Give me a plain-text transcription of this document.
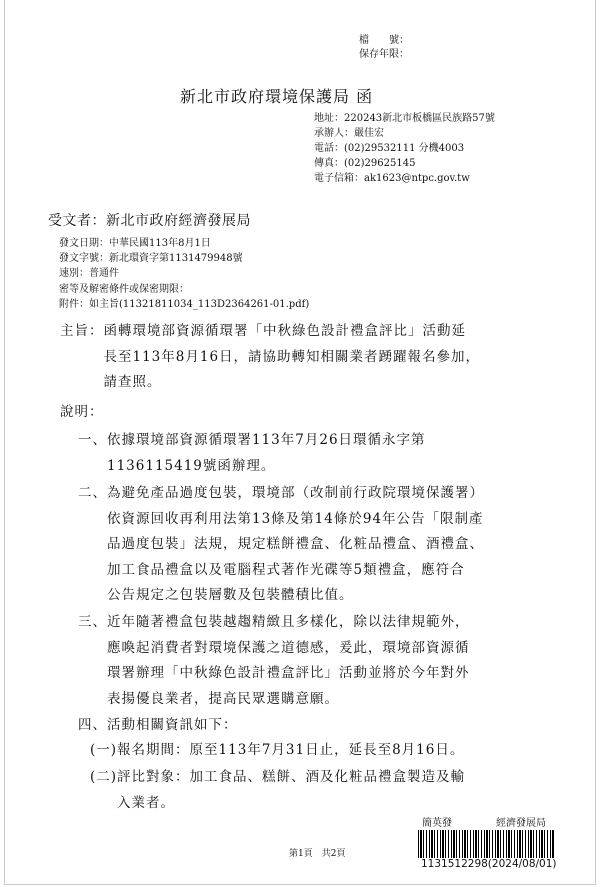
檔　　號：
保存年限：
新北市政府環境保護局 函
地址：220243新北市板橋區民族路57號
承辦人：嚴佳宏
電話：(02)29532111 分機4003
傳真：(02)29625145
電子信箱：ak1623@ntpc.gov.tw
受文者：新北市政府經濟發展局
發文日期：中華民國113年8月1日
發文字號：新北環資字第1131479948號
速別：普通件
密等及解密條件或保密期限：
附件：如主旨(11321811034_113D2364261-01.pdf)
主旨： 函轉環境部資源循環署「中秋綠色設計禮盒評比」活動延
長至113年8月16日，請協助轉知相關業者踴躍報名參加，
請查照。
說明：
一、 依據環境部資源循環署113年7月26日環循永字第
1136115419號函辦理。
二、 為避免產品過度包裝，環境部（改制前行政院環境保護署）
依資源回收再利用法第13條及第14條於94年公告「限制產
品過度包裝」法規，規定糕餅禮盒、化粧品禮盒、酒禮盒、
加工食品禮盒以及電腦程式著作光碟等5類禮盒，應符合
公告規定之包裝層數及包裝體積比值。
三、 近年隨著禮盒包裝越趨精緻且多樣化，除以法律規範外，
應喚起消費者對環境保護之道德感，爰此，環境部資源循
環署辦理「中秋綠色設計禮盒評比」活動並將於今年對外
表揚優良業者，提高民眾選購意願。
四、 活動相關資訊如下：
(一) 報名期間：原至113年7月31日止，延長至8月16日。
(二) 評比對象：加工食品、糕餅、酒及化粧品禮盒製造及輸
入業者。
第1頁　共2頁
簡英發	經濟發展局
1131512298(2024/08/01)
